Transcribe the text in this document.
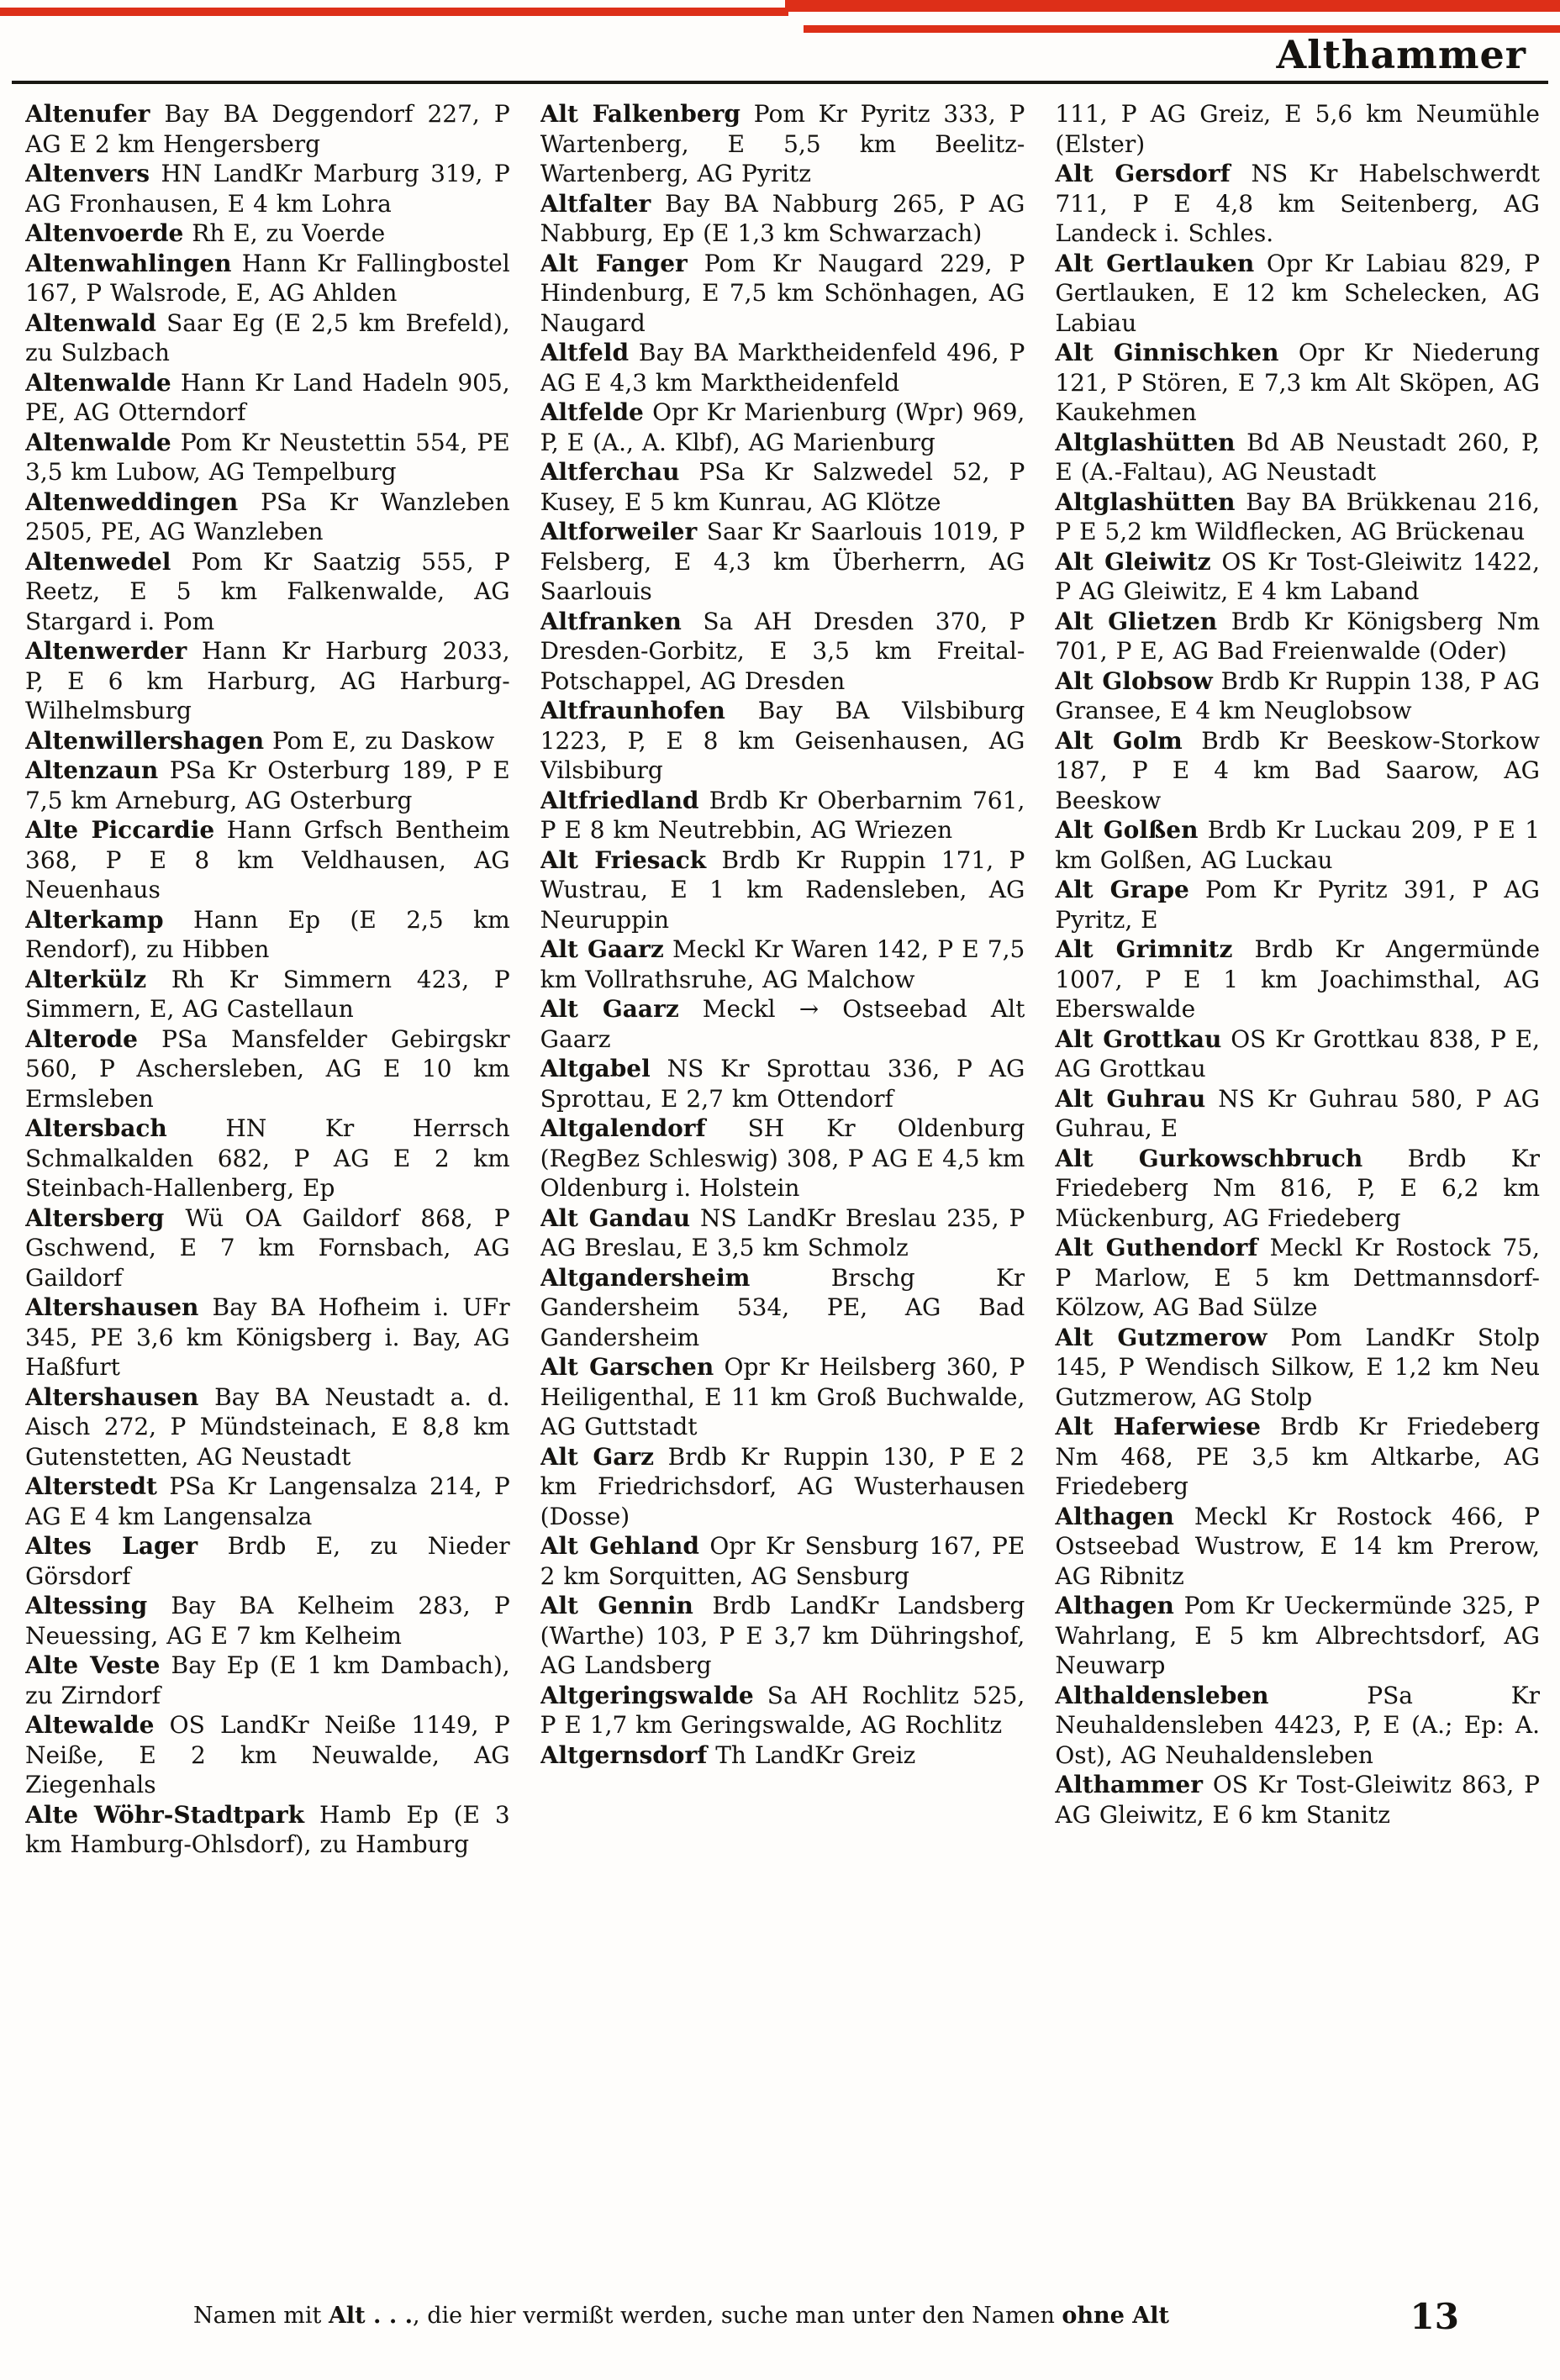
Althammer

Altenufer Bay BA Deggendorf 227, P AG E 2 km Hengersberg

Altenvers HN LandKr Marburg 319, P AG Fronhausen, E 4 km Lohra

Altenvoerde Rh E, zu Voerde

Altenwahlingen Hann Kr Fallingbostel 167, P Walsrode, E, AG Ahlden

Altenwald Saar Eg (E 2,5 km Brefeld), zu Sulzbach

Altenwalde Hann Kr Land Hadeln 905, PE, AG Otterndorf

Altenwalde Pom Kr Neustettin 554, PE 3,5 km Lubow, AG Tempelburg

Altenweddingen PSa Kr Wanzleben 2505, PE, AG Wanzleben

Altenwedel Pom Kr Saatzig 555, P Reetz, E 5 km Falkenwalde, AG Stargard i. Pom

Altenwerder Hann Kr Harburg 2033, P, E 6 km Harburg, AG Harburg-Wilhelmsburg

Altenwillershagen Pom E, zu Daskow

Altenzaun PSa Kr Osterburg 189, P E 7,5 km Arneburg, AG Osterburg

Alte Piccardie Hann Grfsch Bentheim 368, P E 8 km Veldhausen, AG Neuenhaus

Alterkamp Hann Ep (E 2,5 km Rendorf), zu Hibben

Alterkülz Rh Kr Simmern 423, P Simmern, E, AG Castellaun

Alterode PSa Mansfelder Gebirgskr 560, P Aschersleben, AG E 10 km Ermsleben

Altersbach HN Kr Herrsch Schmalkalden 682, P AG E 2 km Steinbach-Hallenberg, Ep

Altersberg Wü OA Gaildorf 868, P Gschwend, E 7 km Fornsbach, AG Gaildorf

Altershausen Bay BA Hofheim i. UFr 345, PE 3,6 km Königsberg i. Bay, AG Haßfurt

Altershausen Bay BA Neustadt a. d. Aisch 272, P Mündsteinach, E 8,8 km Gutenstetten, AG Neustadt

Alterstedt PSa Kr Langensalza 214, P AG E 4 km Langensalza

Altes Lager Brdb E, zu Nieder Görsdorf

Altessing Bay BA Kelheim 283, P Neuessing, AG E 7 km Kelheim

Alte Veste Bay Ep (E 1 km Dambach), zu Zirndorf

Altewalde OS LandKr Neiße 1149, P Neiße, E 2 km Neuwalde, AG Ziegenhals

Alte Wöhr-Stadtpark Hamb Ep (E 3 km Hamburg-Ohlsdorf), zu Hamburg

Alt Falkenberg Pom Kr Pyritz 333, P Wartenberg, E 5,5 km Beelitz-Wartenberg, AG Pyritz

Altfalter Bay BA Nabburg 265, P AG Nabburg, Ep (E 1,3 km Schwarzach)

Alt Fanger Pom Kr Naugard 229, P Hindenburg, E 7,5 km Schönhagen, AG Naugard

Altfeld Bay BA Marktheidenfeld 496, P AG E 4,3 km Marktheidenfeld

Altfelde Opr Kr Marienburg (Wpr) 969, P, E (A., A. Klbf), AG Marienburg

Altferchau PSa Kr Salzwedel 52, P Kusey, E 5 km Kunrau, AG Klötze

Altforweiler Saar Kr Saarlouis 1019, P Felsberg, E 4,3 km Überherrn, AG Saarlouis

Altfranken Sa AH Dresden 370, P Dresden-Gorbitz, E 3,5 km Freital-Potschappel, AG Dresden

Altfraunhofen Bay BA Vilsbiburg 1223, P, E 8 km Geisenhausen, AG Vilsbiburg

Altfriedland Brdb Kr Oberbarnim 761, P E 8 km Neutrebbin, AG Wriezen

Alt Friesack Brdb Kr Ruppin 171, P Wustrau, E 1 km Radensleben, AG Neuruppin

Alt Gaarz Meckl Kr Waren 142, P E 7,5 km Vollrathsruhe, AG Malchow

Alt Gaarz Meckl → Ostseebad Alt Gaarz

Altgabel NS Kr Sprottau 336, P AG Sprottau, E 2,7 km Ottendorf

Altgalendorf SH Kr Oldenburg (RegBez Schleswig) 308, P AG E 4,5 km Oldenburg i. Holstein

Alt Gandau NS LandKr Breslau 235, P AG Breslau, E 3,5 km Schmolz

Altgandersheim	Brschg Kr Gandersheim 534, PE, AG Bad Gandersheim

Alt Garschen Opr Kr Heilsberg 360, P Heiligenthal, E 11 km Groß Buchwalde, AG Guttstadt

Alt Garz Brdb Kr Ruppin 130, P E 2 km Friedrichsdorf, AG Wusterhausen (Dosse)

Alt Gehland Opr Kr Sensburg 167, PE 2 km Sorquitten, AG Sensburg

Alt Gennin Brdb LandKr Landsberg (Warthe) 103, P E 3,7 km Dühringshof, AG Landsberg

Altgeringswalde Sa AH Rochlitz 525, P E 1,7 km Geringswalde, AG Rochlitz

Altgernsdorf Th LandKr Greiz

111, P AG Greiz, E 5,6 km Neumühle (Elster)

Alt Gersdorf NS Kr Habelschwerdt 711, P E 4,8 km Seitenberg, AG Landeck i. Schles.

Alt Gertlauken Opr Kr Labiau 829, P Gertlauken, E 12 km Schelecken, AG Labiau

Alt Ginnischken Opr Kr Niederung 121, P Stören, E 7,3 km Alt Sköpen, AG Kaukehmen

Altglashütten Bd AB Neustadt 260, P, E (A.-Faltau), AG Neustadt

Altglashütten Bay BA Brükkenau 216, P E 5,2 km Wildflecken, AG Brückenau

Alt Gleiwitz OS Kr Tost-Gleiwitz 1422, P AG Gleiwitz, E 4 km Laband

Alt Glietzen Brdb Kr Königsberg Nm 701, P E, AG Bad Freienwalde (Oder)

Alt Globsow Brdb Kr Ruppin 138, P AG Gransee, E 4 km Neuglobsow

Alt Golm Brdb Kr Beeskow-Storkow 187, P E 4 km Bad Saarow, AG Beeskow

Alt Golßen Brdb Kr Luckau 209, P E 1 km Golßen, AG Luckau

Alt Grape Pom Kr Pyritz 391, P AG Pyritz, E

Alt Grimnitz Brdb Kr Angermünde 1007, P E 1 km Joachimsthal, AG Eberswalde

Alt Grottkau OS Kr Grottkau 838, P E, AG Grottkau

Alt Guhrau NS Kr Guhrau 580, P AG Guhrau, E

Alt Gurkowschbruch Brdb Kr Friedeberg Nm 816, P, E 6,2 km Mückenburg, AG Friedeberg

Alt Guthendorf Meckl Kr Rostock 75, P Marlow, E 5 km Dettmannsdorf-Kölzow, AG Bad Sülze

Alt Gutzmerow Pom LandKr Stolp 145, P Wendisch Silkow, E 1,2 km Neu Gutzmerow, AG Stolp

Alt Haferwiese Brdb Kr Friedeberg Nm 468, PE 3,5 km Altkarbe, AG Friedeberg

Althagen Meckl Kr Rostock 466, P Ostseebad Wustrow, E 14 km Prerow, AG Ribnitz

Althagen Pom Kr Ueckermünde 325, P Wahrlang, E 5 km Albrechtsdorf, AG Neuwarp

Althaldensleben	PSa Kr Neuhaldensleben 4423, P, E (A.; Ep: A. Ost), AG Neuhaldensleben

Althammer OS Kr Tost-Gleiwitz 863, P AG Gleiwitz, E 6 km Stanitz

Namen mit Alt . . ., die hier vermißt werden, suche man unter den Namen ohne Alt	13
